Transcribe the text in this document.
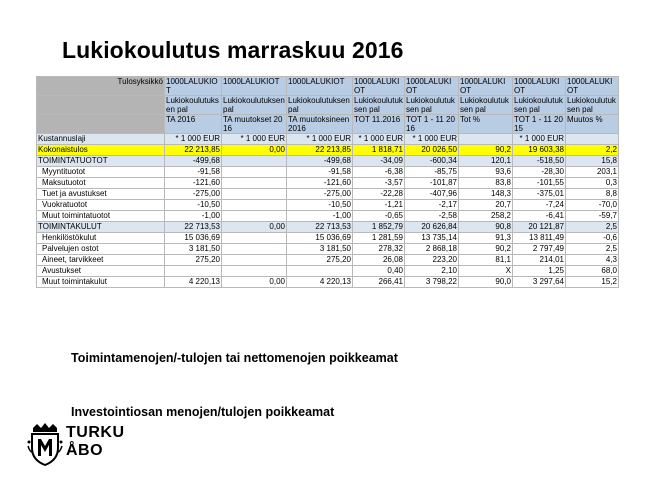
Lukiokoulutus marraskuu 2016
Tulosyksikkö	1000LALUKIOT	1000LALUKIOT	1000LALUKIOT	1000LALUKIOT	1000LALUKIOT	1000LALUKIOT	1000LALUKIOT	1000LALUKIOT
	Lukiokoulutuksen pal	Lukiokoulutuksen pal	Lukiokoulutuksen pal	Lukiokoulutuksen pal	Lukiokoulutuksen pal	Lukiokoulutuksen pal	Lukiokoulutuksen pal	Lukiokoulutuksen pal
	TA 2016	TA muutokset 2016	TA muutoksineen 2016	TOT 11.2016	TOT 1 - 11 2016	Tot %	TOT 1 - 11 2015	Muutos %
Kustannuslaji	* 1 000 EUR	* 1 000 EUR	* 1 000 EUR	* 1 000 EUR	* 1 000 EUR		* 1 000 EUR	
Kokonaistulos	22 213,85	0,00	22 213,85	1 818,71	20 026,50	90,2	19 603,38	2,2
TOIMINTATUOTOT	-499,68		-499,68	-34,09	-600,34	120,1	-518,50	15,8
Myyntituotot	-91,58		-91,58	-6,38	-85,75	93,6	-28,30	203,1
Maksutuotot	-121,60		-121,60	-3,57	-101,87	83,8	-101,55	0,3
Tuet ja avustukset	-275,00		-275,00	-22,28	-407,96	148,3	-375,01	8,8
Vuokratuotot	-10,50		-10,50	-1,21	-2,17	20,7	-7,24	-70,0
Muut toimintatuotot	-1,00		-1,00	-0,65	-2,58	258,2	-6,41	-59,7
TOIMINTAKULUT	22 713,53	0,00	22 713,53	1 852,79	20 626,84	90,8	20 121,87	2,5
Henkilöstökulut	15 036,69		15 036,69	1 281,59	13 735,14	91,3	13 811,49	-0,6
Palvelujen ostot	3 181,50		3 181,50	278,32	2 868,18	90,2	2 797,49	2,5
Aineet, tarvikkeet	275,20		275,20	26,08	223,20	81,1	214,01	4,3
Avustukset				0,40	2,10	X	1,25	68,0
Muut toimintakulut	4 220,13	0,00	4 220,13	266,41	3 798,22	90,0	3 297,64	15,2
Toimintamenojen/-tulojen tai nettomenojen poikkeamat
Investointiosan menojen/tulojen poikkeamat
TURKU
ÅBO
